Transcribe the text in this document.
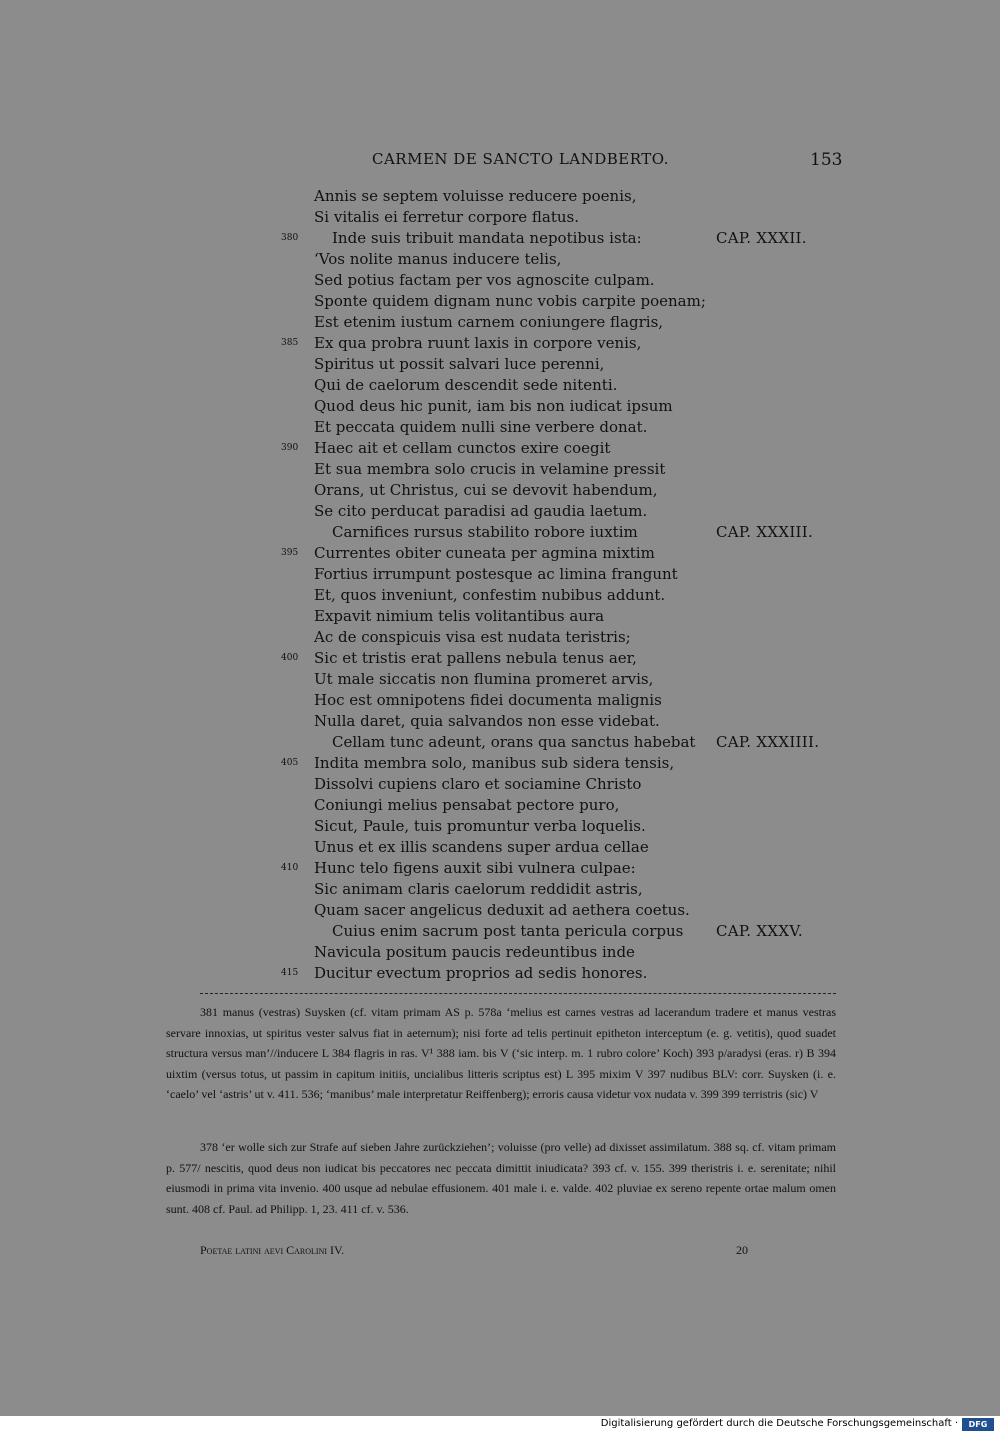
CARMEN DE SANCTO LANDBERTO.	153
Annis se septem voluisse reducere poenis,
Si vitalis ei ferretur corpore flatus.
380 Inde suis tribuit mandata nepotibus ista:	CAP. XXXII.
‘Vos nolite manus inducere telis,
Sed potius factam per vos agnoscite culpam.
Sponte quidem dignam nunc vobis carpite poenam;
Est etenim iustum carnem coniungere flagris,
385 Ex qua probra ruunt laxis in corpore venis,
Spiritus ut possit salvari luce perenni,
Qui de caelorum descendit sede nitenti.
Quod deus hic punit, iam bis non iudicat ipsum
Et peccata quidem nulli sine verbere donat.
390 Haec ait et cellam cunctos exire coegit
Et sua membra solo crucis in velamine pressit
Orans, ut Christus, cui se devovit habendum,
Se cito perducat paradisi ad gaudia laetum.
Carnifices rursus stabilito robore iuxtim	CAP. XXXIII.
395 Currentes obiter cuneata per agmina mixtim
Fortius irrumpunt postesque ac limina frangunt
Et, quos inveniunt, confestim nubibus addunt.
Expavit nimium telis volitantibus aura
Ac de conspicuis visa est nudata teristris;
400 Sic et tristis erat pallens nebula tenus aer,
Ut male siccatis non flumina promeret arvis,
Hoc est omnipotens fidei documenta malignis
Nulla daret, quia salvandos non esse videbat.
Cellam tunc adeunt, orans qua sanctus habebat CAP. XXXIIII.
405 Indita membra solo, manibus sub sidera tensis,
Dissolvi cupiens claro et sociamine Christo
Coniungi melius pensabat pectore puro,
Sicut, Paule, tuis promuntur verba loquelis.
Unus et ex illis scandens super ardua cellae
410 Hunc telo figens auxit sibi vulnera culpae:
Sic animam claris caelorum reddidit astris,
Quam sacer angelicus deduxit ad aethera coetus.
Cuius enim sacrum post tanta pericula corpus CAP. XXXV.
Navicula positum paucis redeuntibus inde
415 Ducitur evectum proprios ad sedis honores.

381 manus (vestras) Suysken (cf. vitam primam AS p. 578a ‘melius est carnes vestras ad lacerandum tradere et manus vestras servare innoxias, ut spiritus vester salvus fiat in aeternum); nisi forte ad telis pertinuit epitheton interceptum (e. g. vetitis), quod suadet structura versus man’//inducere L 384 flagris in ras. V¹ 388 iam. bis V (‘sic interp. m. 1 rubro colore’ Koch) 393 p/aradysi (eras. r) B 394 uixtim (versus totus, ut passim in capitum initiis, uncialibus litteris scriptus est) L 395 mixim V 397 nudibus BLV: corr. Suysken (i. e. ‘caelo’ vel ‘astris’ ut v. 411. 536; ‘manibus’ male interpretatur Reiffenberg); erroris causa videtur vox nudata v. 399 399 terristris (sic) V

378 ‘er wolle sich zur Strafe auf sieben Jahre zurückziehen’; voluisse (pro velle) ad dixisset assimilatum. 388 sq. cf. vitam primam p. 577/ nescitis, quod deus non iudicat bis peccatores nec peccata dimittit iniudicata? 393 cf. v. 155. 399 theristris i. e. serenitate; nihil eiusmodi in prima vita invenio. 400 usque ad nebulae effusionem. 401 male i. e. valde. 402 pluviae ex sereno repente ortae malum omen sunt. 408 cf. Paul. ad Philipp. 1, 23. 411 cf. v. 536.

Poetae latini aevi Carolini IV.	20
Digitalisierung gefördert durch die Deutsche Forschungsgemeinschaft ·	DFG
